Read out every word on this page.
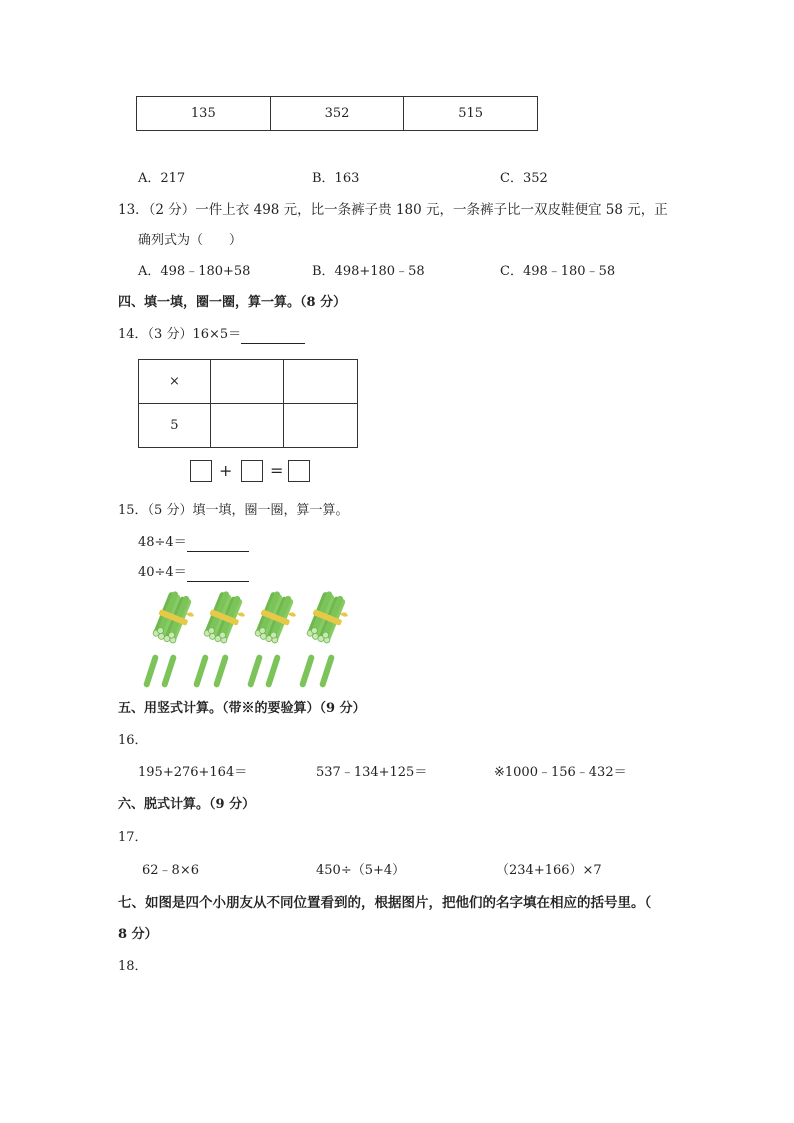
135	352	515
A．217	B．163	C．352
13．（2 分）一件上衣 498 元，比一条裤子贵 180 元，一条裤子比一双皮鞋便宜 58 元，正
确列式为（　　）
A．498﹣180+58	B．498+180﹣58	C．498﹣180﹣58
四、填一填，圈一圈，算一算。（8 分）
14．（3 分）16×5＝
×		
5		
+ =
15．（5 分）填一填，圈一圈，算一算。
48÷4＝
40÷4＝
五、用竖式计算。（带※的要验算）（9 分）
16．
195+276+164＝	537﹣134+125＝	※1000﹣156﹣432＝
六、脱式计算。（9 分）
17．
62﹣8×6	450÷（5+4）	（234+166）×7
七、如图是四个小朋友从不同位置看到的，根据图片，把他们的名字填在相应的括号里。（
8 分）
18．
